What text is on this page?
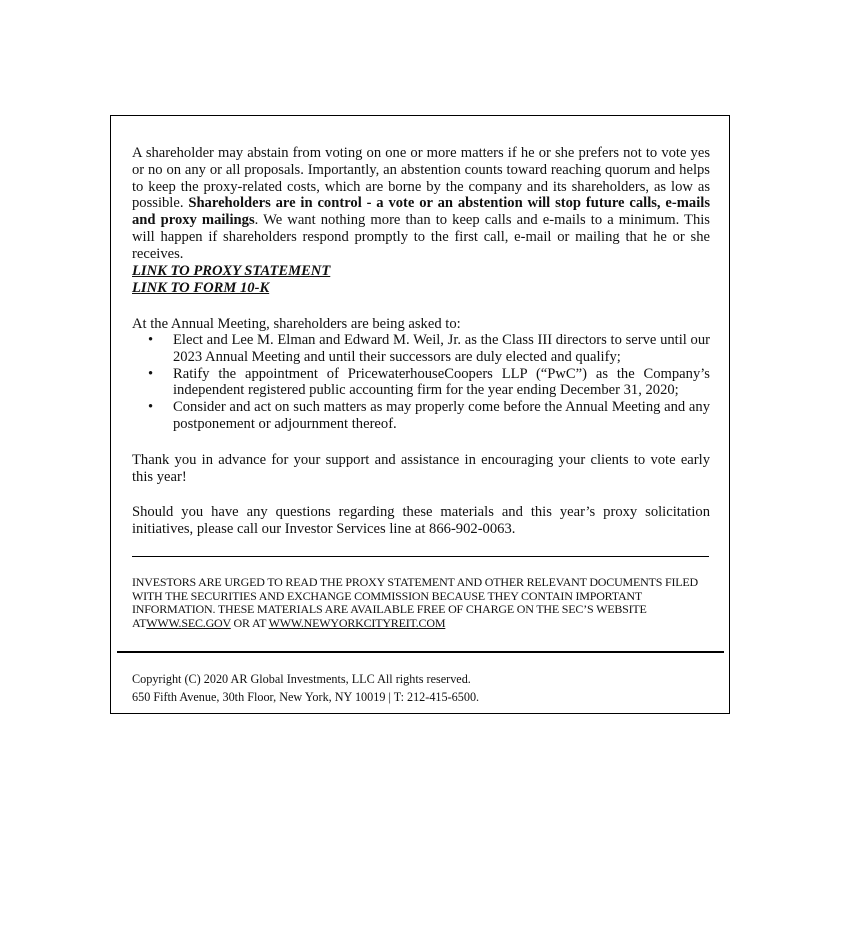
A shareholder may abstain from voting on one or more matters if he or she prefers not to vote yes or no on any or all proposals. Importantly, an abstention counts toward reaching quorum and helps to keep the proxy-related costs, which are borne by the company and its shareholders, as low as possible. Shareholders are in control - a vote or an abstention will stop future calls, e-mails and proxy mailings. We want nothing more than to keep calls and e-mails to a minimum. This will happen if shareholders respond promptly to the first call, e-mail or mailing that he or she receives.
LINK TO PROXY STATEMENT
LINK TO FORM 10-K
At the Annual Meeting, shareholders are being asked to:
• Elect and Lee M. Elman and Edward M. Weil, Jr. as the Class III directors to serve until our 2023 Annual Meeting and until their successors are duly elected and qualify;
• Ratify the appointment of PricewaterhouseCoopers LLP (“PwC”) as the Company’s independent registered public accounting firm for the year ending December 31, 2020;
• Consider and act on such matters as may properly come before the Annual Meeting and any postponement or adjournment thereof.
Thank you in advance for your support and assistance in encouraging your clients to vote early this year!
Should you have any questions regarding these materials and this year’s proxy solicitation initiatives, please call our Investor Services line at 866-902-0063.
INVESTORS ARE URGED TO READ THE PROXY STATEMENT AND OTHER RELEVANT DOCUMENTS FILED WITH THE SECURITIES AND EXCHANGE COMMISSION BECAUSE THEY CONTAIN IMPORTANT INFORMATION. THESE MATERIALS ARE AVAILABLE FREE OF CHARGE ON THE SEC’S WEBSITE ATWWW.SEC.GOV OR AT WWW.NEWYORKCITYREIT.COM
Copyright (C) 2020 AR Global Investments, LLC All rights reserved.
650 Fifth Avenue, 30th Floor, New York, NY 10019 | T: 212-415-6500.
